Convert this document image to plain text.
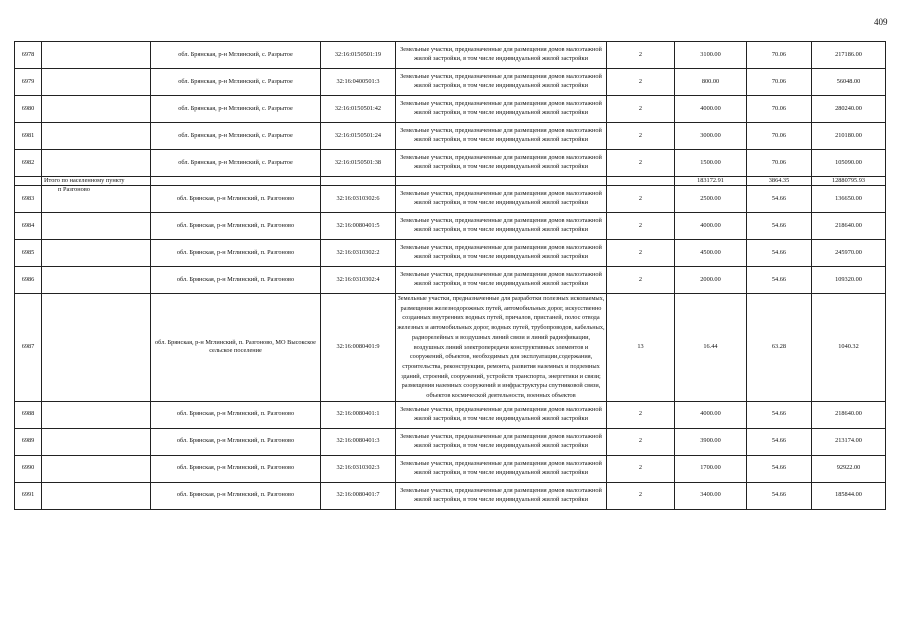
409
6978		обл. Брянская, р-н Мглинский, с. Разрытое	32:16:0150501:19	Земельные участки, предназначенные для размещения домов малоэтажной жилой застройки, в том числе индивидуальной жилой застройки	2	3100.00	70.06	217186.00
6979		обл. Брянская, р-н Мглинский, с. Разрытое	32:16:0400501:3	Земельные участки, предназначенные для размещения домов малоэтажной жилой застройки, в том числе индивидуальной жилой застройки	2	800.00	70.06	56048.00
6980		обл. Брянская, р-н Мглинский, с. Разрытое	32:16:0150501:42	Земельные участки, предназначенные для размещения домов малоэтажной жилой застройки, в том числе индивидуальной жилой застройки	2	4000.00	70.06	280240.00
6981		обл. Брянская, р-н Мглинский, с. Разрытое	32:16:0150501:24	Земельные участки, предназначенные для размещения домов малоэтажной жилой застройки, в том числе индивидуальной жилой застройки	2	3000.00	70.06	210180.00
6982		обл. Брянская, р-н Мглинский, с. Разрытое	32:16:0150501:38	Земельные участки, предназначенные для размещения домов малоэтажной жилой застройки, в том числе индивидуальной жилой застройки	2	1500.00	70.06	105090.00
	Итого по населенному пункту					183172.91	3864.35	12880795.93
6983	п Разгоново	обл. Брянская, р-н Мглинский, п. Разгоново	32:16:0310302:6	Земельные участки, предназначенные для размещения домов малоэтажной жилой застройки, в том числе индивидуальной жилой застройки	2	2500.00	54.66	136650.00
6984		обл. Брянская, р-н Мглинский, п. Разгоново	32:16:0080401:5	Земельные участки, предназначенные для размещения домов малоэтажной жилой застройки, в том числе индивидуальной жилой застройки	2	4000.00	54.66	218640.00
6985		обл. Брянская, р-н Мглинский, п. Разгоново	32:16:0310302:2	Земельные участки, предназначенные для размещения домов малоэтажной жилой застройки, в том числе индивидуальной жилой застройки	2	4500.00	54.66	245970.00
6986		обл. Брянская, р-н Мглинский, п. Разгоново	32:16:0310302:4	Земельные участки, предназначенные для размещения домов малоэтажной жилой застройки, в том числе индивидуальной жилой застройки	2	2000.00	54.66	109320.00
6987		обл. Брянская, р-н Мглинский, п. Разгоново, МО Высокское сельское поселение	32:16:0080401:9	Земельные участки, предназначенные для разработки полезных ископаемых, размещения железнодорожных путей, автомобильных дорог, искусственно созданных внутренних водных путей, причалов, пристаней, полос отвода железных и автомобильных дорог, водных путей, трубопроводов, кабельных, радиорелейных и воздушных линий связи и линий радиофикации, воздушных линий электропередачи конструктивных элементов и сооружений, объектов, необходимых для эксплуатации,содержания, строительства, реконструкции, ремонта, развития наземных и подземных зданий, строений, сооружений, устройств транспорта, энергетики и связи; размещения наземных сооружений и инфраструктуры спутниковой связи, объектов космической деятельности, военных объектов	13	16.44	63.28	1040.32
6988		обл. Брянская, р-н Мглинский, п. Разгоново	32:16:0080401:1	Земельные участки, предназначенные для размещения домов малоэтажной жилой застройки, в том числе индивидуальной жилой застройки	2	4000.00	54.66	218640.00
6989		обл. Брянская, р-н Мглинский, п. Разгоново	32:16:0080401:3	Земельные участки, предназначенные для размещения домов малоэтажной жилой застройки, в том числе индивидуальной жилой застройки	2	3900.00	54.66	213174.00
6990		обл. Брянская, р-н Мглинский, п. Разгоново	32:16:0310302:3	Земельные участки, предназначенные для размещения домов малоэтажной жилой застройки, в том числе индивидуальной жилой застройки	2	1700.00	54.66	92922.00
6991		обл. Брянская, р-н Мглинский, п. Разгоново	32:16:0080401:7	Земельные участки, предназначенные для размещения домов малоэтажной жилой застройки, в том числе индивидуальной жилой застройки	2	3400.00	54.66	185844.00
